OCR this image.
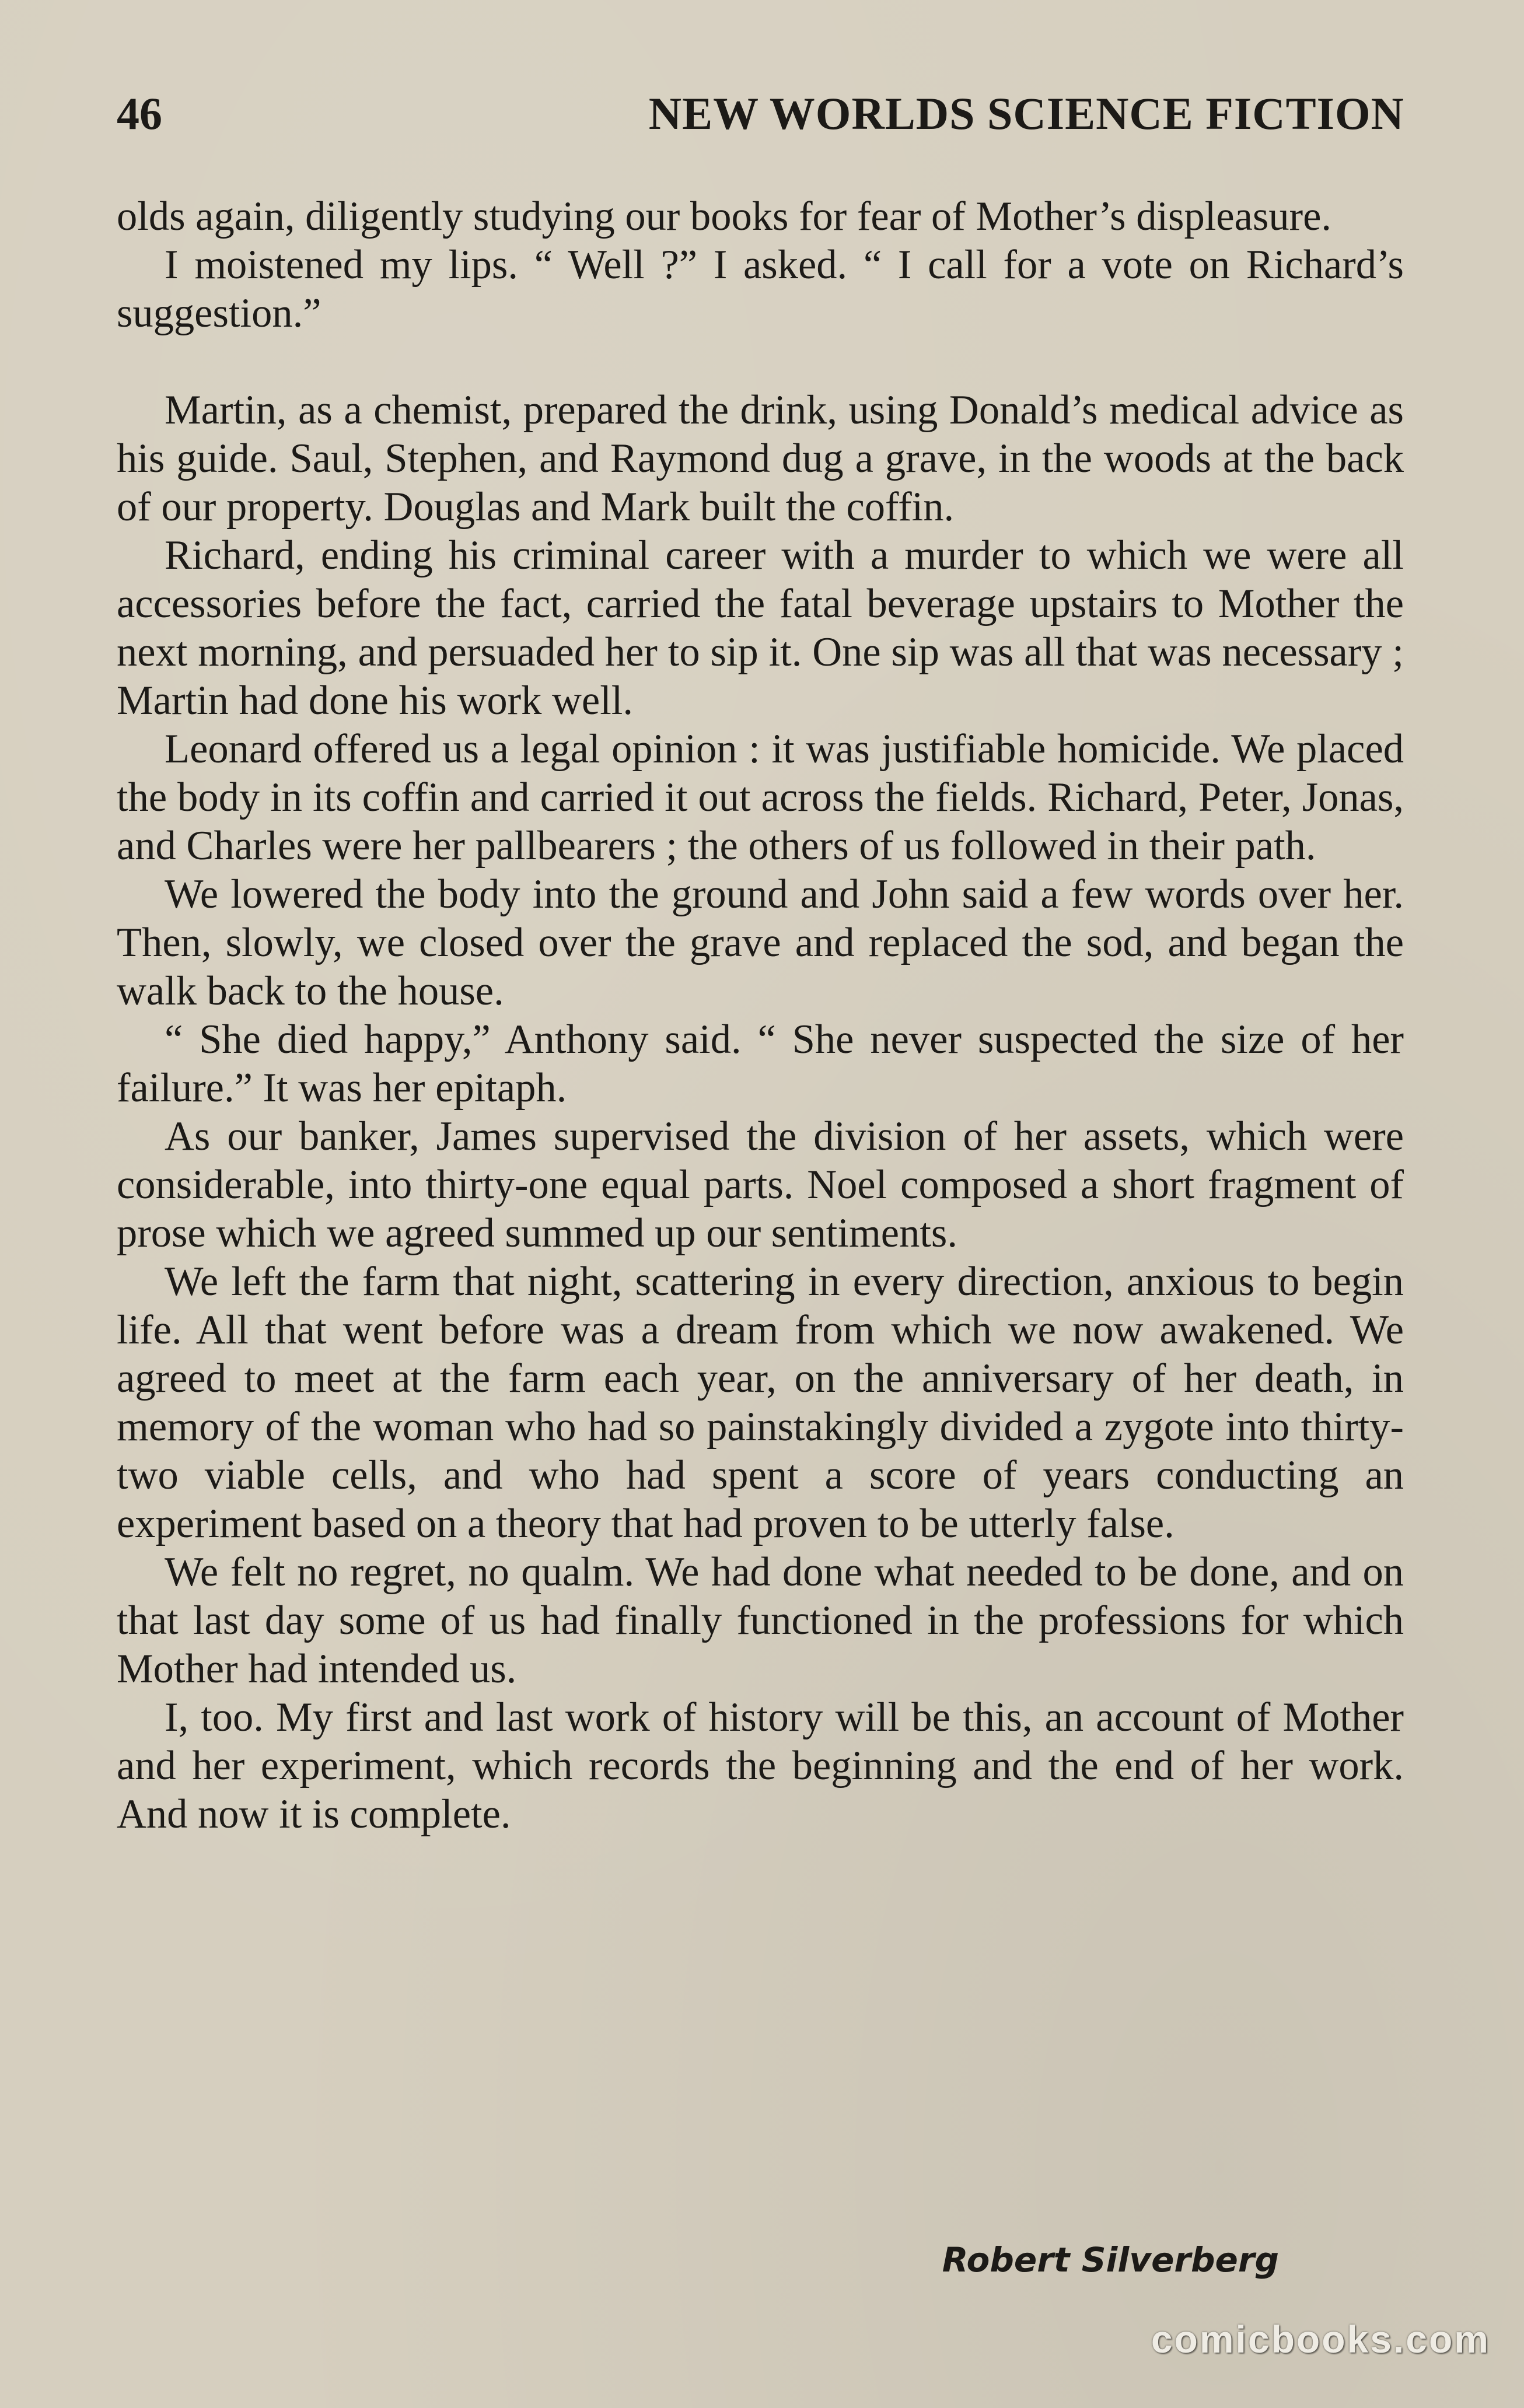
46	NEW WORLDS SCIENCE FICTION

olds again, diligently studying our books for fear of Mother’s displeasure.

I moistened my lips. “ Well ?” I asked. “ I call for a vote on Richard’s suggestion.”

Martin, as a chemist, prepared the drink, using Donald’s medical advice as his guide. Saul, Stephen, and Raymond dug a grave, in the woods at the back of our property. Douglas and Mark built the coffin.

Richard, ending his criminal career with a murder to which we were all accessories before the fact, carried the fatal beverage upstairs to Mother the next morning, and persuaded her to sip it. One sip was all that was necessary ; Martin had done his work well.

Leonard offered us a legal opinion : it was justifiable homicide. We placed the body in its coffin and carried it out across the fields. Richard, Peter, Jonas, and Charles were her pallbearers ; the others of us followed in their path.

We lowered the body into the ground and John said a few words over her. Then, slowly, we closed over the grave and replaced the sod, and began the walk back to the house.

“ She died happy,” Anthony said. “ She never suspected the size of her failure.” It was her epitaph.

As our banker, James supervised the division of her assets, which were considerable, into thirty-one equal parts. Noel composed a short fragment of prose which we agreed summed up our sentiments.

We left the farm that night, scattering in every direction, anxious to begin life. All that went before was a dream from which we now awakened. We agreed to meet at the farm each year, on the anniversary of her death, in memory of the woman who had so painstakingly divided a zygote into thirty-two viable cells, and who had spent a score of years conducting an experiment based on a theory that had proven to be utterly false.

We felt no regret, no qualm. We had done what needed to be done, and on that last day some of us had finally functioned in the professions for which Mother had intended us.

I, too. My first and last work of history will be this, an account of Mother and her experiment, which records the beginning and the end of her work. And now it is complete.

Robert Silverberg
comicbooks.com
